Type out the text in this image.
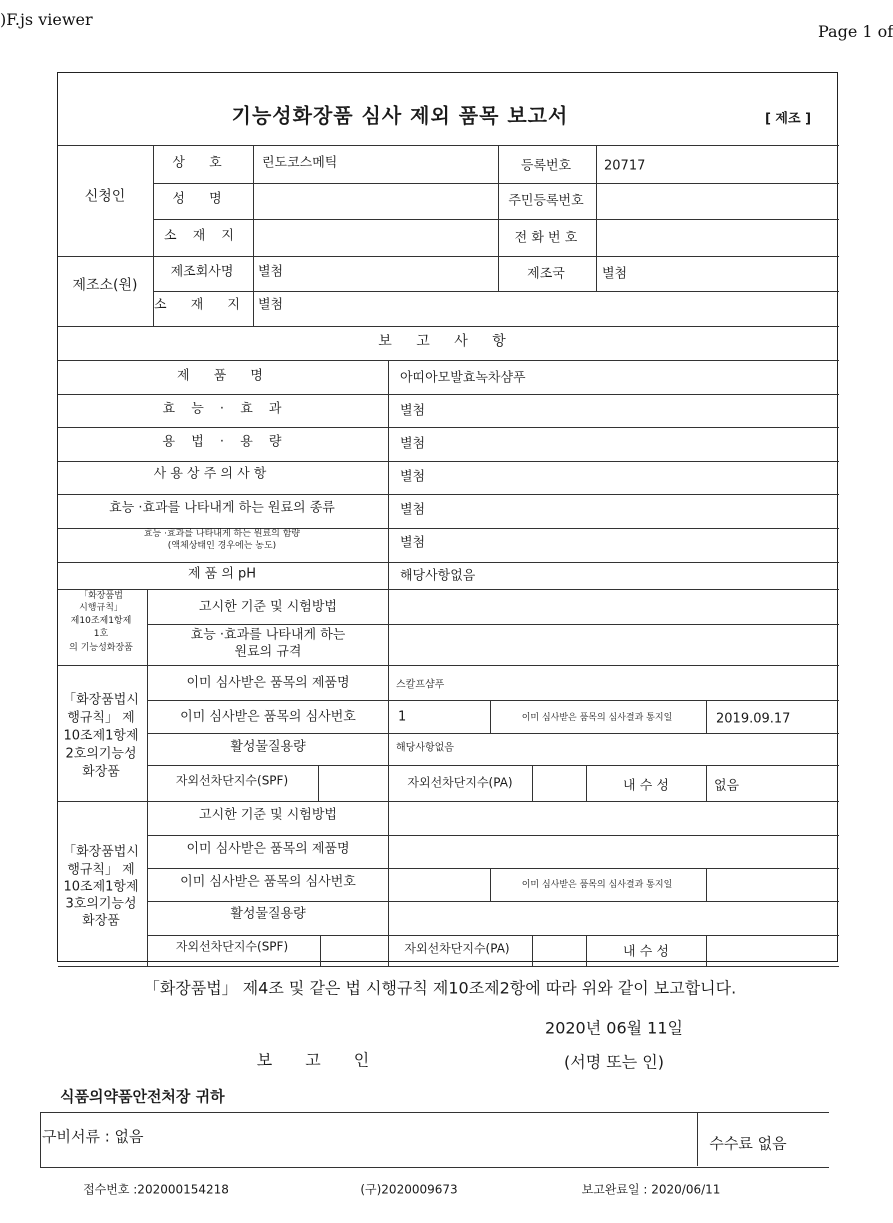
)F.js viewer
Page 1 of
기능성화장품 심사 제외 품목 보고서	[ 제조 ]
신청인
상 호 린도코스메틱	등록번호	20717
성 명	주민등록번호
소 재 지	전 화 번 호
제조소(원)
제조회사명 별첨	제조국	별첨
소 재 지 별첨
보 고 사 항
제 품 명	아띠아모발효녹차샴푸
효 능 · 효 과	별첨
용 법 · 용 량	별첨
사 용 상 주 의 사 항	별첨
효능 ·효과를 나타내게 하는 원료의 종류	별첨
효능 ·효과를 나타내게 하는 원료의 함량
(액체상태인 경우에는 농도)	별첨
제 품 의 pH	해당사항없음
「화장품법
시행규칙」
제10조제1항제
1호
의 기능성화장품
고시한 기준 및 시험방법
효능 ·효과를 나타내게 하는
원료의 규격
「화장품법시
행규칙」 제
10조제1항제
2호의기능성
화장품
이미 심사받은 품목의 제품명	스칼프샴푸
이미 심사받은 품목의 심사번호	1	이미 심사받은 품목의 심사결과 통지일	2019.09.17
활성물질용량	해당사항없음
자외선차단지수(SPF)	자외선차단지수(PA)	내 수 성	없음
「화장품법시
행규칙」 제
10조제1항제
3호의기능성
화장품
고시한 기준 및 시험방법
이미 심사받은 품목의 제품명
이미 심사받은 품목의 심사번호	이미 심사받은 품목의 심사결과 통지일
활성물질용량
자외선차단지수(SPF)	자외선차단지수(PA)	내 수 성
「화장품법」 제4조 및 같은 법 시행규칙 제10조제2항에 따라 위와 같이 보고합니다.
2020년 06월 11일
보 고 인	(서명 또는 인)
식품의약품안전처장 귀하
구비서류 : 없음	수수료 없음
접수번호 :202000154218	(구)2020009673	보고완료일 : 2020/06/11
